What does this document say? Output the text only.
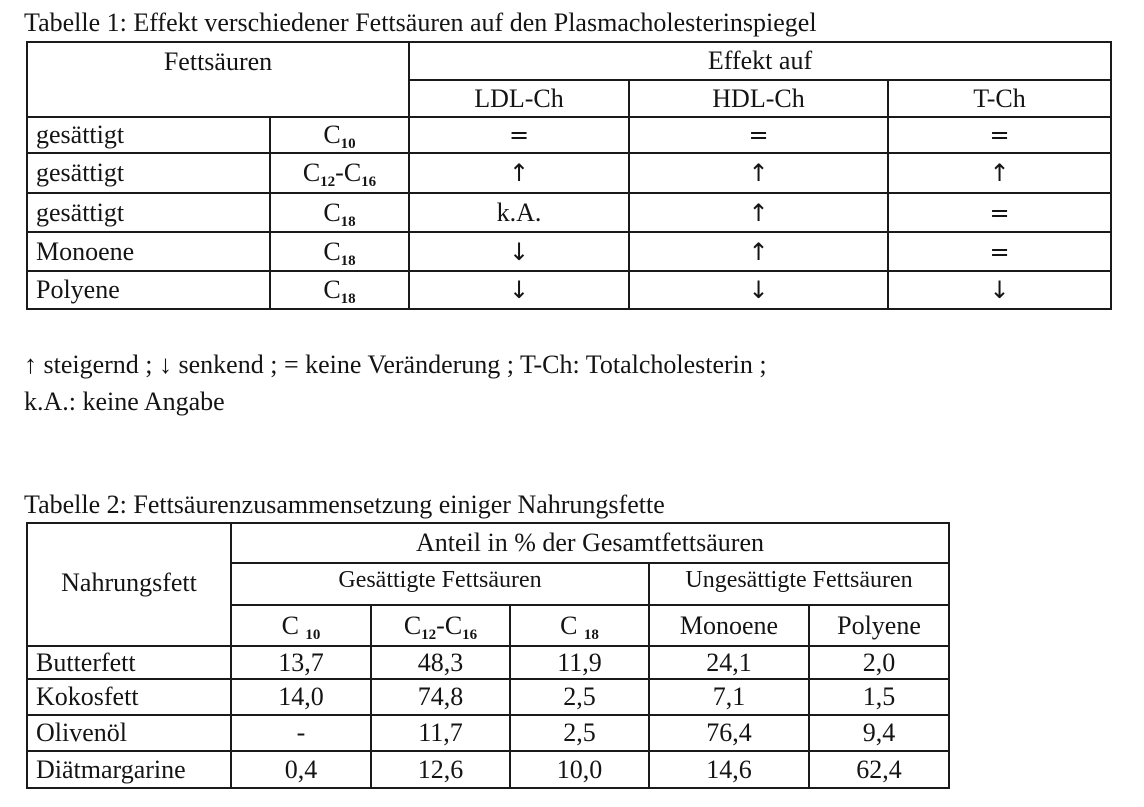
Tabelle 1: Effekt verschiedener Fettsäuren auf den Plasmacholesterinspiegel
Fettsäuren		Effekt auf		
		LDL-Ch	HDL-Ch	T-Ch
gesättigt	$C_{10}$	=	=	=
gesättigt	$C_{12}-C_{16}$	↑	↑	↑
gesättigt	$C_{18}$	k.A.	↑	=
Monoene	$C_{18}$	↓	↑	=
Polyene	$C_{18}$	↓	↓	↓
↑ steigernd ; ↓ senkend ; = keine Veränderung ; T-Ch: Totalcholesterin ;
k.A.: keine Angabe
Tabelle 2: Fettsäurenzusammensetzung einiger Nahrungsfette
Nahrungsfett	Anteil in % der Gesamtfettsäuren				
	Gesättigte Fettsäuren			Ungesättigte Fettsäuren	
	C $_{10}$	$C_{12}-C_{16}$	C $_{18}$	Monoene	Polyene
Butterfett	13,7	48,3	11,9	24,1	2,0
Kokosfett	14,0	74,8	2,5	7,1	1,5
Olivenöl	-	11,7	2,5	76,4	9,4
Diätmargarine	0,4	12,6	10,0	14,6	62,4
